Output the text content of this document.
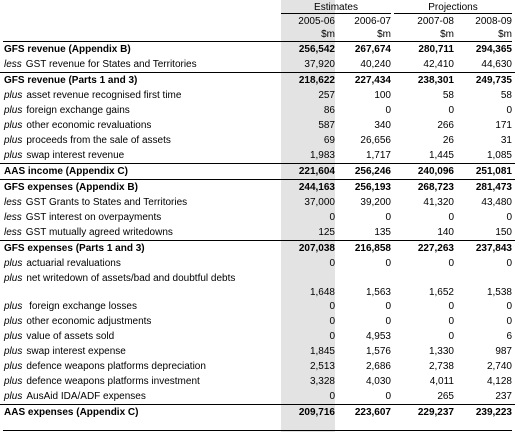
Estimates	Projections
2005-06	2006-07	2007-08	2008-09
$m	$m	$m	$m
GFS revenue (Appendix B)	256,542	267,674	280,711	294,365
less GST revenue for States and Territories	37,920	40,240	42,410	44,630
GFS revenue (Parts 1 and 3)	218,622	227,434	238,301	249,735
plus asset revenue recognised first time	257	100	58	58
plus foreign exchange gains	86	0	0	0
plus other economic revaluations	587	340	266	171
plus proceeds from the sale of assets	69	26,656	26	31
plus swap interest revenue	1,983	1,717	1,445	1,085
AAS income (Appendix C)	221,604	256,246	240,096	251,081
GFS expenses (Appendix B)	244,163	256,193	268,723	281,473
less GST Grants to States and Territories	37,000	39,200	41,320	43,480
less GST interest on overpayments	0	0	0	0
less GST mutually agreed writedowns	125	135	140	150
GFS expenses (Parts 1 and 3)	207,038	216,858	227,263	237,843
plus actuarial revaluations	0	0	0	0
plus net writedown of assets/bad and doubtful debts
1,648	1,563	1,652	1,538
plus foreign exchange losses	0	0	0	0
plus other economic adjustments	0	0	0	0
plus value of assets sold	0	4,953	0	6
plus swap interest expense	1,845	1,576	1,330	987
plus defence weapons platforms depreciation	2,513	2,686	2,738	2,740
plus defence weapons platforms investment	3,328	4,030	4,011	4,128
plus AusAid IDA/ADF expenses	0	0	265	237
AAS expenses (Appendix C)	209,716	223,607	229,237	239,223
